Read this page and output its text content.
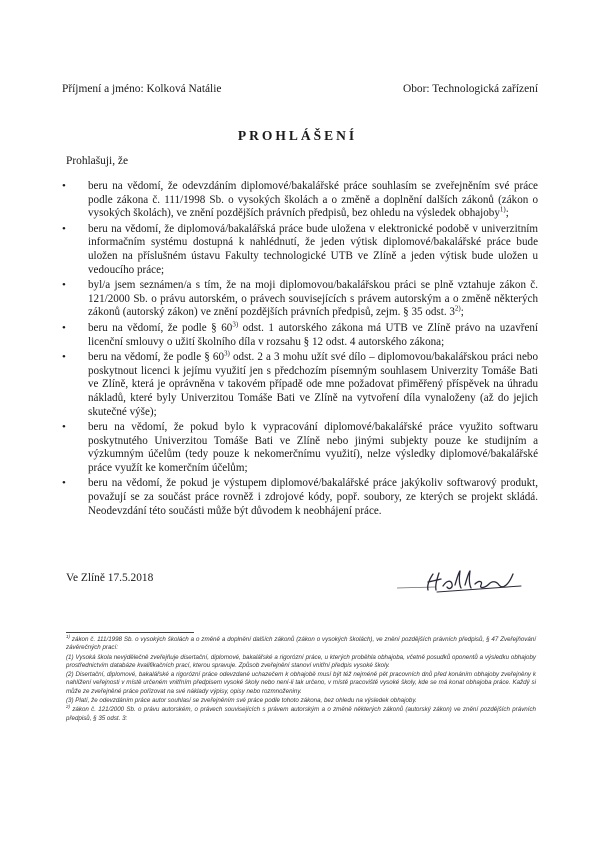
Příjmení a jméno: Kolková Natálie	Obor: Technologická zařízení
PROHLÁŠENÍ
Prohlašuji, že
• beru na vědomí, že odevzdáním diplomové/bakalářské práce souhlasím se zveřejněním své práce podle zákona č. 111/1998 Sb. o vysokých školách a o změně a doplnění dalších zákonů (zákon o vysokých školách), ve znění pozdějších právních předpisů, bez ohledu na výsledek obhajoby$^{1)}$;
• beru na vědomí, že diplomová/bakalářská práce bude uložena v elektronické podobě v univerzitním informačním systému dostupná k nahlédnutí, že jeden výtisk diplomové/bakalářské práce bude uložen na příslušném ústavu Fakulty technologické UTB ve Zlíně a jeden výtisk bude uložen u vedoucího práce;
• byl/a jsem seznámen/a s tím, že na moji diplomovou/bakalářskou práci se plně vztahuje zákon č. 121/2000 Sb. o právu autorském, o právech souvisejících s právem autorským a o změně některých zákonů (autorský zákon) ve znění pozdějších právních předpisů, zejm. § 35 odst. 3$^{2)}$;
• beru na vědomí, že podle § 60$^{3)}$ odst. 1 autorského zákona má UTB ve Zlíně právo na uzavření licenční smlouvy o užití školního díla v rozsahu § 12 odst. 4 autorského zákona;
• beru na vědomí, že podle § 60$^{3)}$ odst. 2 a 3 mohu užít své dílo – diplomovou/bakalářskou práci nebo poskytnout licenci k jejímu využití jen s předchozím písemným souhlasem Univerzity Tomáše Bati ve Zlíně, která je oprávněna v takovém případě ode mne požadovat přiměřený příspěvek na úhradu nákladů, které byly Univerzitou Tomáše Bati ve Zlíně na vytvoření díla vynaloženy (až do jejich skutečné výše);
• beru na vědomí, že pokud bylo k vypracování diplomové/bakalářské práce využito softwaru poskytnutého Univerzitou Tomáše Bati ve Zlíně nebo jinými subjekty pouze ke studijním a výzkumným účelům (tedy pouze k nekomerčnímu využití), nelze výsledky diplomové/bakalářské práce využít ke komerčním účelům;
• beru na vědomí, že pokud je výstupem diplomové/bakalářské práce jakýkoliv softwarový produkt, považují se za součást práce rovněž i zdrojové kódy, popř. soubory, ze kterých se projekt skládá. Neodevzdání této součásti může být důvodem k neobhájení práce.
Ve Zlíně 17.5.2018
$^{1)}$ zákon č. 111/1998 Sb. o vysokých školách a o změně a doplnění dalších zákonů (zákon o vysokých školách), ve znění pozdějších právních předpisů, § 47 Zveřejňování závěrečných prací:
(1) Vysoká škola nevýdělečně zveřejňuje disertační, diplomové, bakalářské a rigorózní práce, u kterých proběhla obhajoba, včetně posudků oponentů a výsledku obhajoby prostřednictvím databáze kvalifikačních prací, kterou spravuje. Způsob zveřejnění stanoví vnitřní předpis vysoké školy.
(2) Disertační, diplomové, bakalářské a rigorózní práce odevzdané uchazečem k obhajobě musí být též nejméně pět pracovních dnů před konáním obhajoby zveřejněny k nahlížení veřejnosti v místě určeném vnitřním předpisem vysoké školy nebo není-li tak určeno, v místě pracoviště vysoké školy, kde se má konat obhajoba práce. Každý si může ze zveřejněné práce pořizovat na své náklady výpisy, opisy nebo rozmnoženiny.
(3) Platí, že odevzdáním práce autor souhlasí se zveřejněním své práce podle tohoto zákona, bez ohledu na výsledek obhajoby.
$^{2)}$ zákon č. 121/2000 Sb. o právu autorském, o právech souvisejících s právem autorským a o změně některých zákonů (autorský zákon) ve znění pozdějších právních předpisů, § 35 odst. 3:
